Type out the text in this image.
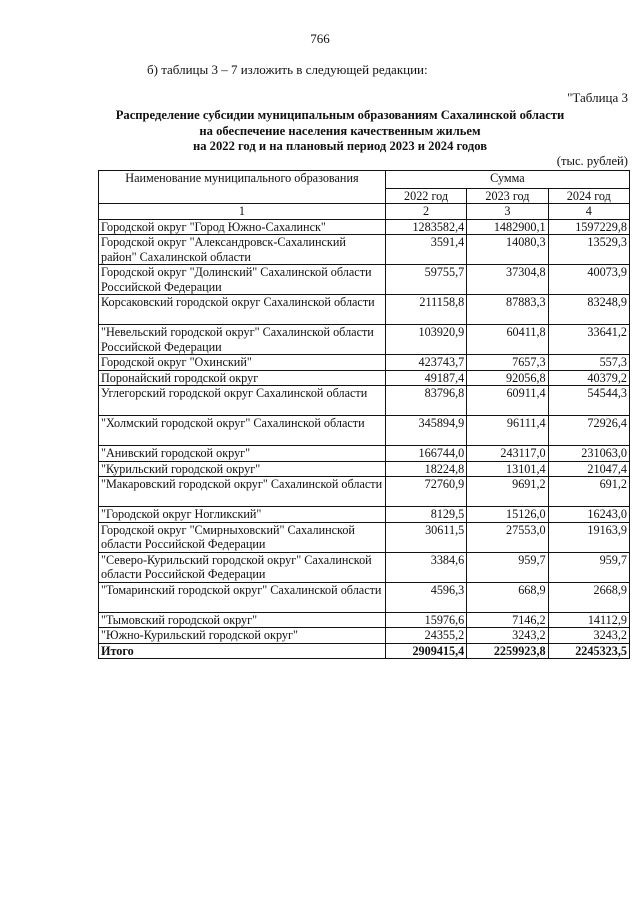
766
б) таблицы 3 – 7 изложить в следующей редакции:
"Таблица 3
Распределение субсидии муниципальным образованиям Сахалинской области
на обеспечение населения качественным жильем
на 2022 год и на плановый период 2023 и 2024 годов
(тыс. рублей)
Наименование муниципального образования	Сумма		
	2022 год	2023 год	2024 год
1	2	3	4
Городской округ "Город Южно-Сахалинск"	1283582,4	1482900,1	1597229,8
Городской округ "Александровск-Сахалинский район" Сахалинской области	3591,4	14080,3	13529,3
Городской округ "Долинский" Сахалинской области Российской Федерации	59755,7	37304,8	40073,9
Корсаковский городской округ Сахалинской области	211158,8	87883,3	83248,9
"Невельский городской округ" Сахалинской области Российской Федерации	103920,9	60411,8	33641,2
Городской округ "Охинский"	423743,7	7657,3	557,3
Поронайский городской округ	49187,4	92056,8	40379,2
Углегорский городской округ Сахалинской области	83796,8	60911,4	54544,3
"Холмский городской округ" Сахалинской области	345894,9	96111,4	72926,4
"Анивский городской округ"	166744,0	243117,0	231063,0
"Курильский городской округ"	18224,8	13101,4	21047,4
"Макаровский городской округ" Сахалинской области	72760,9	9691,2	691,2
"Городской округ Ногликский"	8129,5	15126,0	16243,0
Городской округ "Смирныховский" Сахалинской области Российской Федерации	30611,5	27553,0	19163,9
"Северо-Курильский городской округ" Сахалинской области Российской Федерации	3384,6	959,7	959,7
"Томаринский городской округ" Сахалинской области	4596,3	668,9	2668,9
"Тымовский городской округ"	15976,6	7146,2	14112,9
"Южно-Курильский городской округ"	24355,2	3243,2	3243,2
Итого	2909415,4	2259923,8	2245323,5
